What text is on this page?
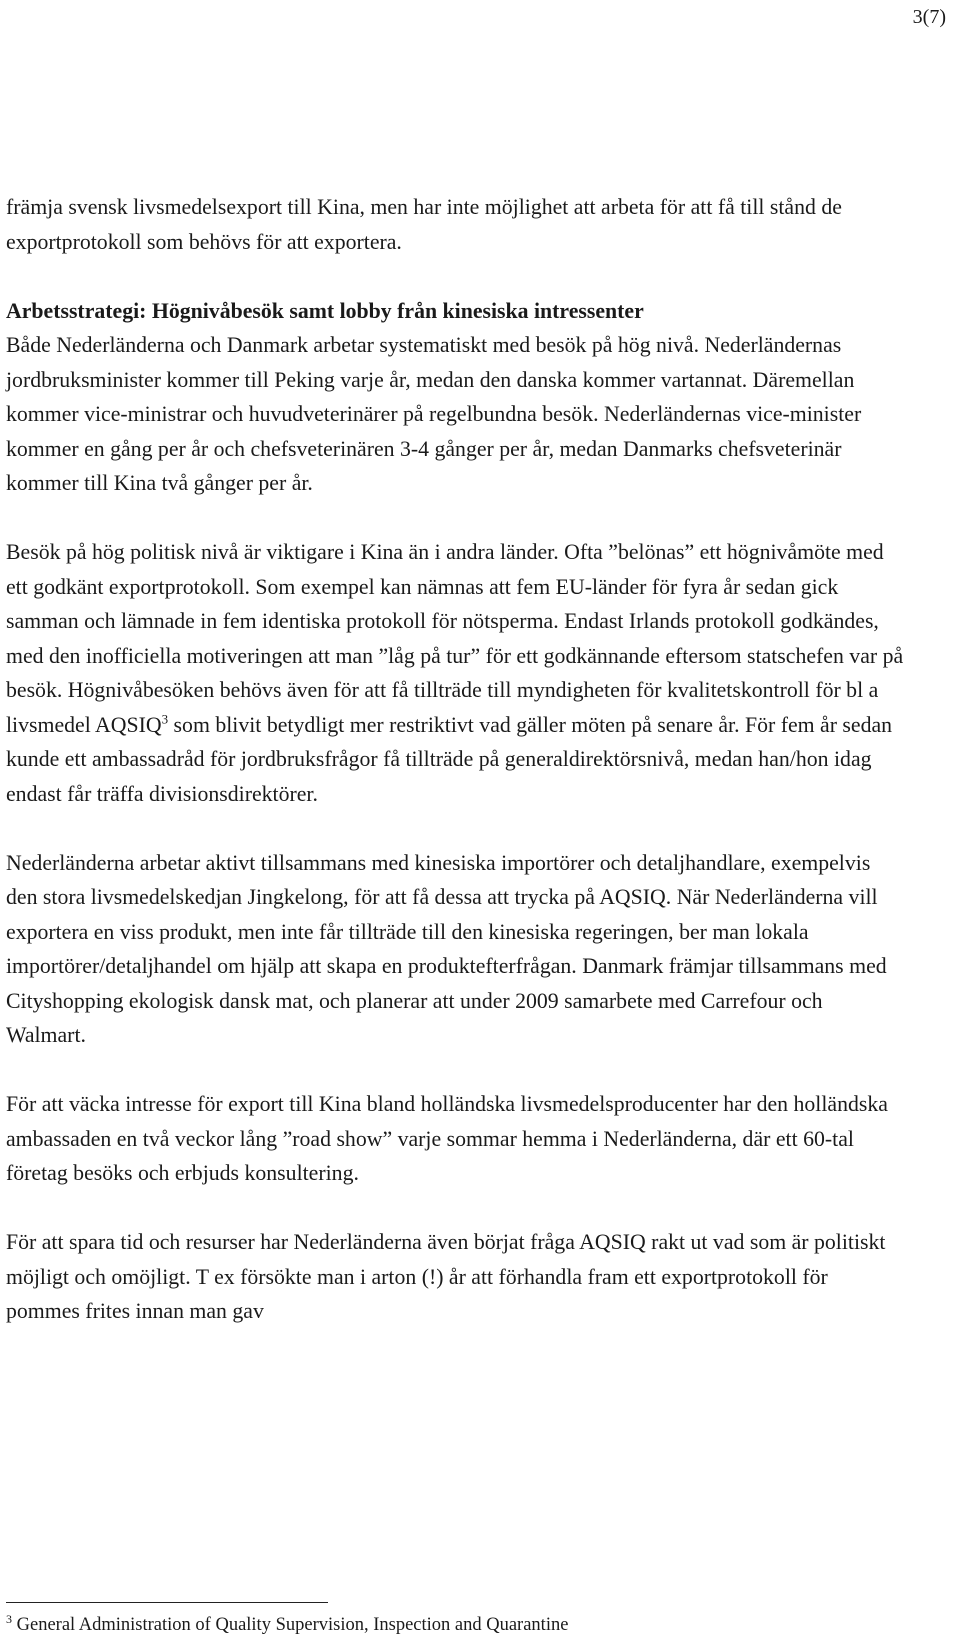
3(7)

främja svensk livsmedelsexport till Kina, men har inte möjlighet att arbeta för att få till stånd de exportprotokoll som behövs för att exportera.

Arbetsstrategi: Högnivåbesök samt lobby från kinesiska intressenter

Både Nederländerna och Danmark arbetar systematiskt med besök på hög nivå. Nederländernas jordbruksminister kommer till Peking varje år, medan den danska kommer vartannat. Däremellan kommer vice-ministrar och huvudveterinärer på regelbundna besök. Nederländernas vice-minister kommer en gång per år och chefsveterinären 3-4 gånger per år, medan Danmarks chefsveterinär kommer till Kina två gånger per år.

Besök på hög politisk nivå är viktigare i Kina än i andra länder. Ofta ”belönas” ett högnivåmöte med ett godkänt exportprotokoll. Som exempel kan nämnas att fem EU-länder för fyra år sedan gick samman och lämnade in fem identiska protokoll för nötsperma. Endast Irlands protokoll godkändes, med den inofficiella motiveringen att man ”låg på tur” för ett godkännande eftersom statschefen var på besök. Högnivåbesöken behövs även för att få tillträde till myndigheten för kvalitetskontroll för bl a livsmedel AQSIQ$^3$ som blivit betydligt mer restriktivt vad gäller möten på senare år. För fem år sedan kunde ett ambassadråd för jordbruksfrågor få tillträde på generaldirektörsnivå, medan han/hon idag endast får träffa divisionsdirektörer.

Nederländerna arbetar aktivt tillsammans med kinesiska importörer och detaljhandlare, exempelvis den stora livsmedelskedjan Jingkelong, för att få dessa att trycka på AQSIQ. När Nederländerna vill exportera en viss produkt, men inte får tillträde till den kinesiska regeringen, ber man lokala importörer/detaljhandel om hjälp att skapa en produktefterfrågan. Danmark främjar tillsammans med Cityshopping ekologisk dansk mat, och planerar att under 2009 samarbete med Carrefour och Walmart.

För att väcka intresse för export till Kina bland holländska livsmedelsproducenter har den holländska ambassaden en två veckor lång ”road show” varje sommar hemma i Nederländerna, där ett 60-tal företag besöks och erbjuds konsultering.

För att spara tid och resurser har Nederländerna även börjat fråga AQSIQ rakt ut vad som är politiskt möjligt och omöjligt. T ex försökte man i arton (!) år att förhandla fram ett exportprotokoll för pommes frites innan man gav

$^3$ General Administration of Quality Supervision, Inspection and Quarantine
